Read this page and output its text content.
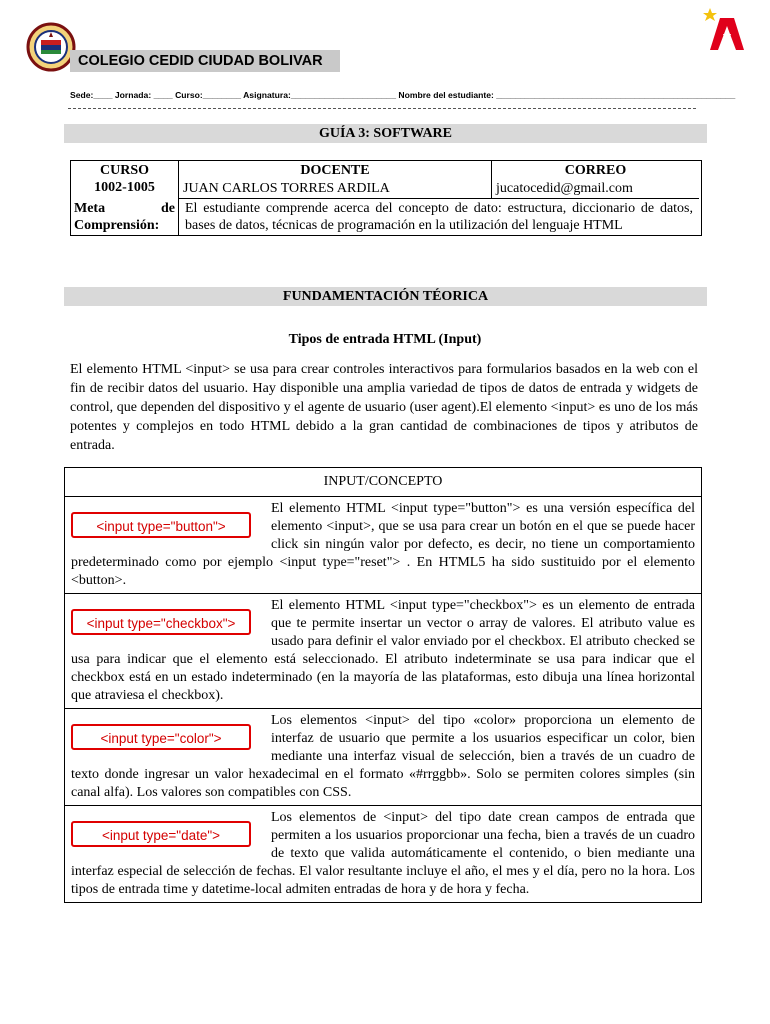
COLEGIO CEDID CIUDAD BOLIVAR
Sede:____ Jornada: ____ Curso:________ Asignatura:______________________ Nombre del estudiante: __________________________________________________
GUÍA 3: SOFTWARE
CURSO
1002-1005
DOCENTE
JUAN CARLOS TORRES ARDILA
CORREO
jucatocedid@gmail.com
Meta	de
Comprensión:
El estudiante comprende acerca del concepto de dato: estructura, diccionario de datos, bases de datos, técnicas de programación en la utilización del lenguaje HTML
FUNDAMENTACIÓN TÉORICA
Tipos de entrada HTML (Input)
El elemento HTML <input> se usa para crear controles interactivos para formularios basados en la web con el fin de recibir datos del usuario. Hay disponible una amplia variedad de tipos de datos de entrada y widgets de control, que dependen del dispositivo y el agente de usuario (user agent).El elemento <input> es uno de los más potentes y complejos en todo HTML debido a la gran cantidad de combinaciones de tipos y atributos de entrada.
INPUT/CONCEPTO
<input type="button">
El elemento HTML <input type="button"> es una versión específica del elemento <input>, que se usa para crear un botón en el que se puede hacer click sin ningún valor por defecto, es decir, no tiene un comportamiento predeterminado como por ejemplo <input type="reset"> . En HTML5 ha sido sustituido por el elemento <button>.
<input type="checkbox">
El elemento HTML <input type="checkbox"> es un elemento de entrada que te permite insertar un vector o array de valores. El atributo value es usado para definir el valor enviado por el checkbox. El atributo checked se usa para indicar que el elemento está seleccionado. El atributo indeterminate se usa para indicar que el checkbox está en un estado indeterminado (en la mayoría de las plataformas, esto dibuja una línea horizontal que atraviesa el checkbox).
<input type="color">
Los elementos <input> del tipo «color» proporciona un elemento de interfaz de usuario que permite a los usuarios especificar un color, bien mediante una interfaz visual de selección, bien a través de un cuadro de texto donde ingresar un valor hexadecimal en el formato «#rrggbb». Solo se permiten colores simples (sin canal alfa). Los valores son compatibles con CSS.
<input type="date">
Los elementos de <input> del tipo date crean campos de entrada que permiten a los usuarios proporcionar una fecha, bien a través de un cuadro de texto que valida automáticamente el contenido, o bien mediante una interfaz especial de selección de fechas. El valor resultante incluye el año, el mes y el día, pero no la hora. Los tipos de entrada time y datetime-local admiten entradas de hora y de hora y fecha.
